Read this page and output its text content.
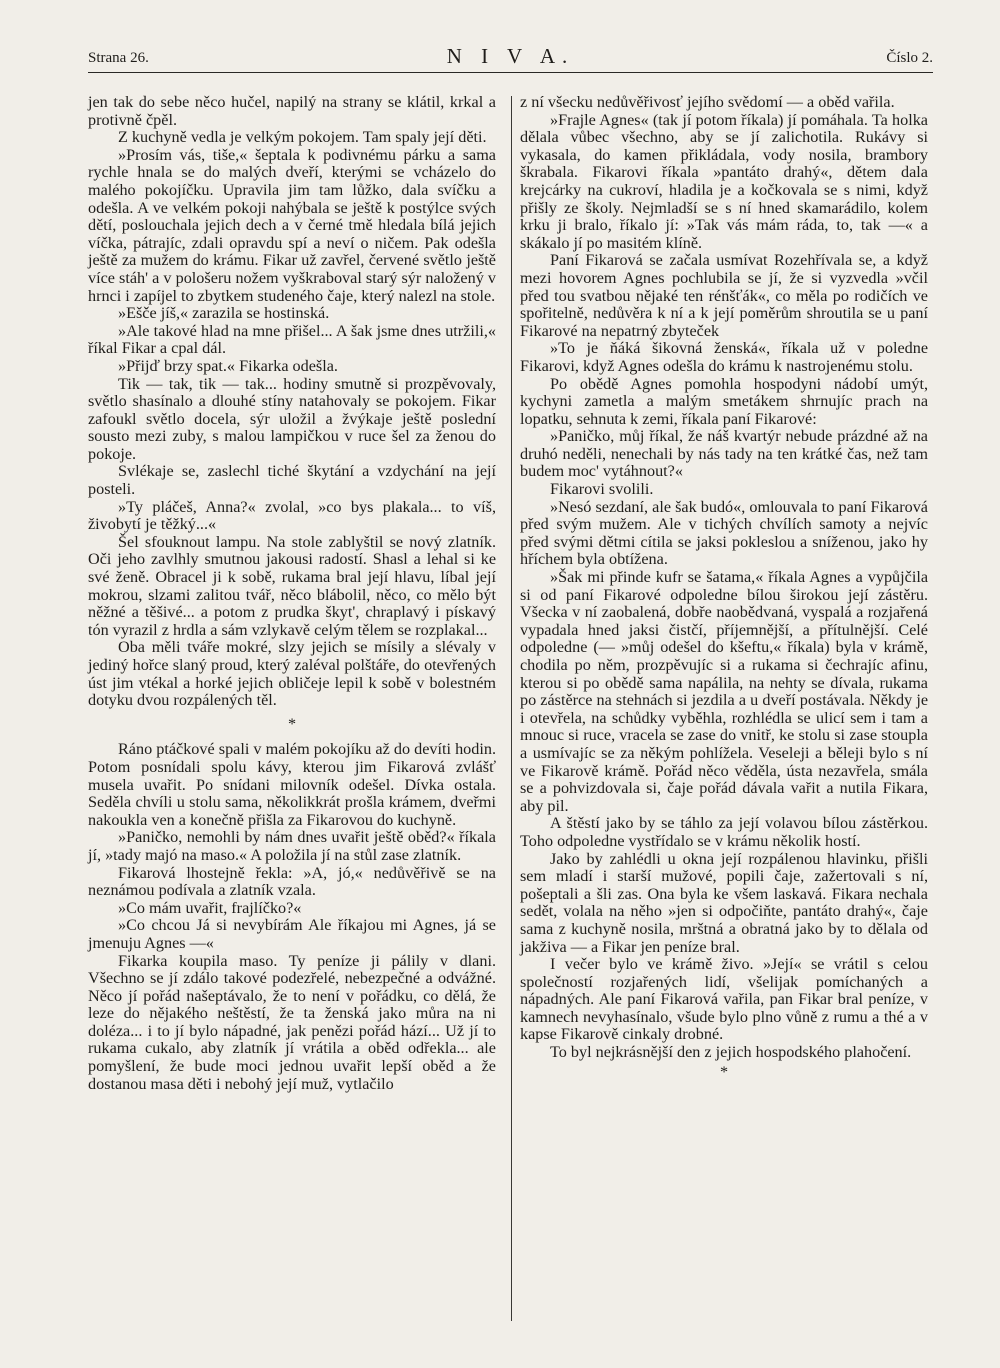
Strana 26.	N I V A.	Číslo 2.

jen tak do sebe něco hučel, napilý na strany se klátil, krkal a protivně čpěl.

Z kuchyně vedla je velkým pokojem. Tam spaly její děti.

»Prosím vás, tiše,« šeptala k podivnému párku a sama rychle hnala se do malých dveří, kterými se vcházelo do malého pokojíčku. Upravila jim tam lůžko, dala svíčku a odešla. A ve velkém pokoji nahýbala se ještě k postýlce svých dětí, poslouchala jejich dech a v černé tmě hledala bílá jejich víčka, pátrajíc, zdali opravdu spí a neví o ničem. Pak odešla ještě za mužem do krámu. Fikar už zavřel, červené světlo ještě více stáh' a v pološeru nožem vyškraboval starý sýr naložený v hrnci i zapíjel to zbytkem studeného čaje, který nalezl na stole.

»Ešče jíš,« zarazila se hostinská.

»Ale takové hlad na mne přišel... A šak jsme dnes utržili,« říkal Fikar a cpal dál.

»Přijď brzy spat.« Fikarka odešla.

Tik — tak, tik — tak... hodiny smutně si prozpěvovaly, světlo shasínalo a dlouhé stíny natahovaly se pokojem. Fikar zafoukl světlo docela, sýr uložil a žvýkaje ještě poslední sousto mezi zuby, s malou lampičkou v ruce šel za ženou do pokoje.

Svlékaje se, zaslechl tiché škytání a vzdychání na její posteli.

»Ty pláčeš, Anna?« zvolal, »co bys plakala... to víš, živobytí je těžký...«

Šel sfouknout lampu. Na stole zablyštil se nový zlatník. Oči jeho zavlhly smutnou jakousi radostí. Shasl a lehal si ke své ženě. Obracel ji k sobě, rukama bral její hlavu, líbal její mokrou, slzami zalitou tvář, něco blábolil, něco, co mělo být něžné a těšivé... a potom z prudka škyt', chraplavý i pískavý tón vyrazil z hrdla a sám vzlykavě celým tělem se rozplakal...

Oba měli tváře mokré, slzy jejich se mísily a slévaly v jediný hořce slaný proud, který zaléval polštáře, do otevřených úst jim vtékal a horké jejich obličeje lepil k sobě v bolestném dotyku dvou rozpálených těl.

*

Ráno ptáčkové spali v malém pokojíku až do devíti hodin. Potom posnídali spolu kávy, kterou jim Fikarová zvlášť musela uvařit. Po snídani milovník odešel. Dívka ostala. Seděla chvíli u stolu sama, několikkrát prošla krámem, dveřmi nakoukla ven a konečně přišla za Fikarovou do kuchyně.

»Paničko, nemohli by nám dnes uvařit ještě oběd?« říkala jí, »tady majó na maso.« A položila jí na stůl zase zlatník.

Fikarová lhostejně řekla: »A, jó,« nedůvěřivě se na neznámou podívala a zlatník vzala.

»Co mám uvařit, frajlíčko?«

»Co chcou Já si nevybírám Ale říkajou mi Agnes, já se jmenuju Agnes —«

Fikarka koupila maso. Ty peníze ji pálily v dlani. Všechno se jí zdálo takové podezřelé, nebezpečné a odvážné. Něco jí pořád našeptávalo, že to není v pořádku, co dělá, že leze do nějakého neštěstí, že ta ženská jako můra na ni doléza... i to jí bylo nápadné, jak penězi pořád hází... Už jí to rukama cukalo, aby zlatník jí vrátila a oběd odřekla... ale pomyšlení, že bude moci jednou uvařit lepší oběd a že dostanou masa děti i nebohý její muž, vytlačilo

z ní všecku nedůvěřivosť jejího svědomí — a oběd vařila.

»Frajle Agnes« (tak jí potom říkala) jí pomáhala. Ta holka dělala vůbec všechno, aby se jí zalichotila. Rukávy si vykasala, do kamen přikládala, vody nosila, brambory škrabala. Fikarovi říkala »pantáto drahý«, dětem dala krejcárky na cukroví, hladila je a kočkovala se s nimi, když přišly ze školy. Nejmladší se s ní hned skamarádilo, kolem krku ji bralo, říkalo jí: »Tak vás mám ráda, to, tak —« a skákalo jí po masitém klíně.

Paní Fikarová se začala usmívat Rozehřívala se, a když mezi hovorem Agnes pochlubila se jí, že si vyzvedla »včil před tou svatbou nějaké ten rénšťák«, co měla po rodičích ve spořitelně, nedůvěra k ní a k její poměrům shroutila se u paní Fikarové na nepatrný zbyteček

»To je ňáká šikovná ženská«, říkala už v poledne Fikarovi, když Agnes odešla do krámu k nastrojenému stolu.

Po obědě Agnes pomohla hospodyni nádobí umýt, kychyni zametla a malým smetákem shrnujíc prach na lopatku, sehnuta k zemi, říkala paní Fikarové:

»Paničko, můj říkal, že náš kvartýr nebude prázdné až na druhó neděli, nenechali by nás tady na ten krátké čas, než tam budem moc' vytáhnout?«

Fikarovi svolili.

»Nesó sezdaní, ale šak budó«, omlouvala to paní Fikarová před svým mužem. Ale v tichých chvílích samoty a nejvíc před svými dětmi cítila se jaksi pokleslou a sníženou, jako hy hříchem byla obtížena.

»Šak mi přinde kufr se šatama,« říkala Agnes a vypůjčila si od paní Fikarové odpoledne bílou širokou její zástěru. Všecka v ní zaobalená, dobře naobědvaná, vyspalá a rozjařená vypadala hned jaksi čistčí, příjemnější, a přítulnější. Celé odpoledne (— »můj odešel do kšeftu,« říkala) byla v krámě, chodila po něm, prozpěvujíc si a rukama si čechrajíc afinu, kterou si po obědě sama napálila, na nehty se dívala, rukama po zástěrce na stehnách si jezdila a u dveří postávala. Někdy je i otevřela, na schůdky vyběhla, rozhlédla se ulicí sem i tam a mnouc si ruce, vracela se zase do vnitř, ke stolu si zase stoupla a usmívajíc se za někým pohlížela. Veseleji a běleji bylo s ní ve Fikarově krámě. Pořád něco věděla, ústa nezavřela, smála se a pohvizdovala si, čaje pořád dávala vařit a nutila Fikara, aby pil.

A štěstí jako by se táhlo za její volavou bílou zástěrkou. Toho odpoledne vystřídalo se v krámu několik hostí.

Jako by zahlédli u okna její rozpálenou hlavinku, přišli sem mladí i starší mužové, popili čaje, zažertovali s ní, pošeptali a šli zas. Ona byla ke všem laskavá. Fikara nechala sedět, volala na něho »jen si odpočiňte, pantáto drahý«, čaje sama z kuchyně nosila, mrštná a obratná jako by to dělala od jakživa — a Fikar jen peníze bral.

I večer bylo ve krámě živo. »Její« se vrátil s celou společností rozjařených lidí, všelijak pomíchaných a nápadných. Ale paní Fikarová vařila, pan Fikar bral peníze, v kamnech nevyhasínalo, všude bylo plno vůně z rumu a thé a v kapse Fikarově cinkaly drobné.

To byl nejkrásnější den z jejich hospodského plahočení.

*
